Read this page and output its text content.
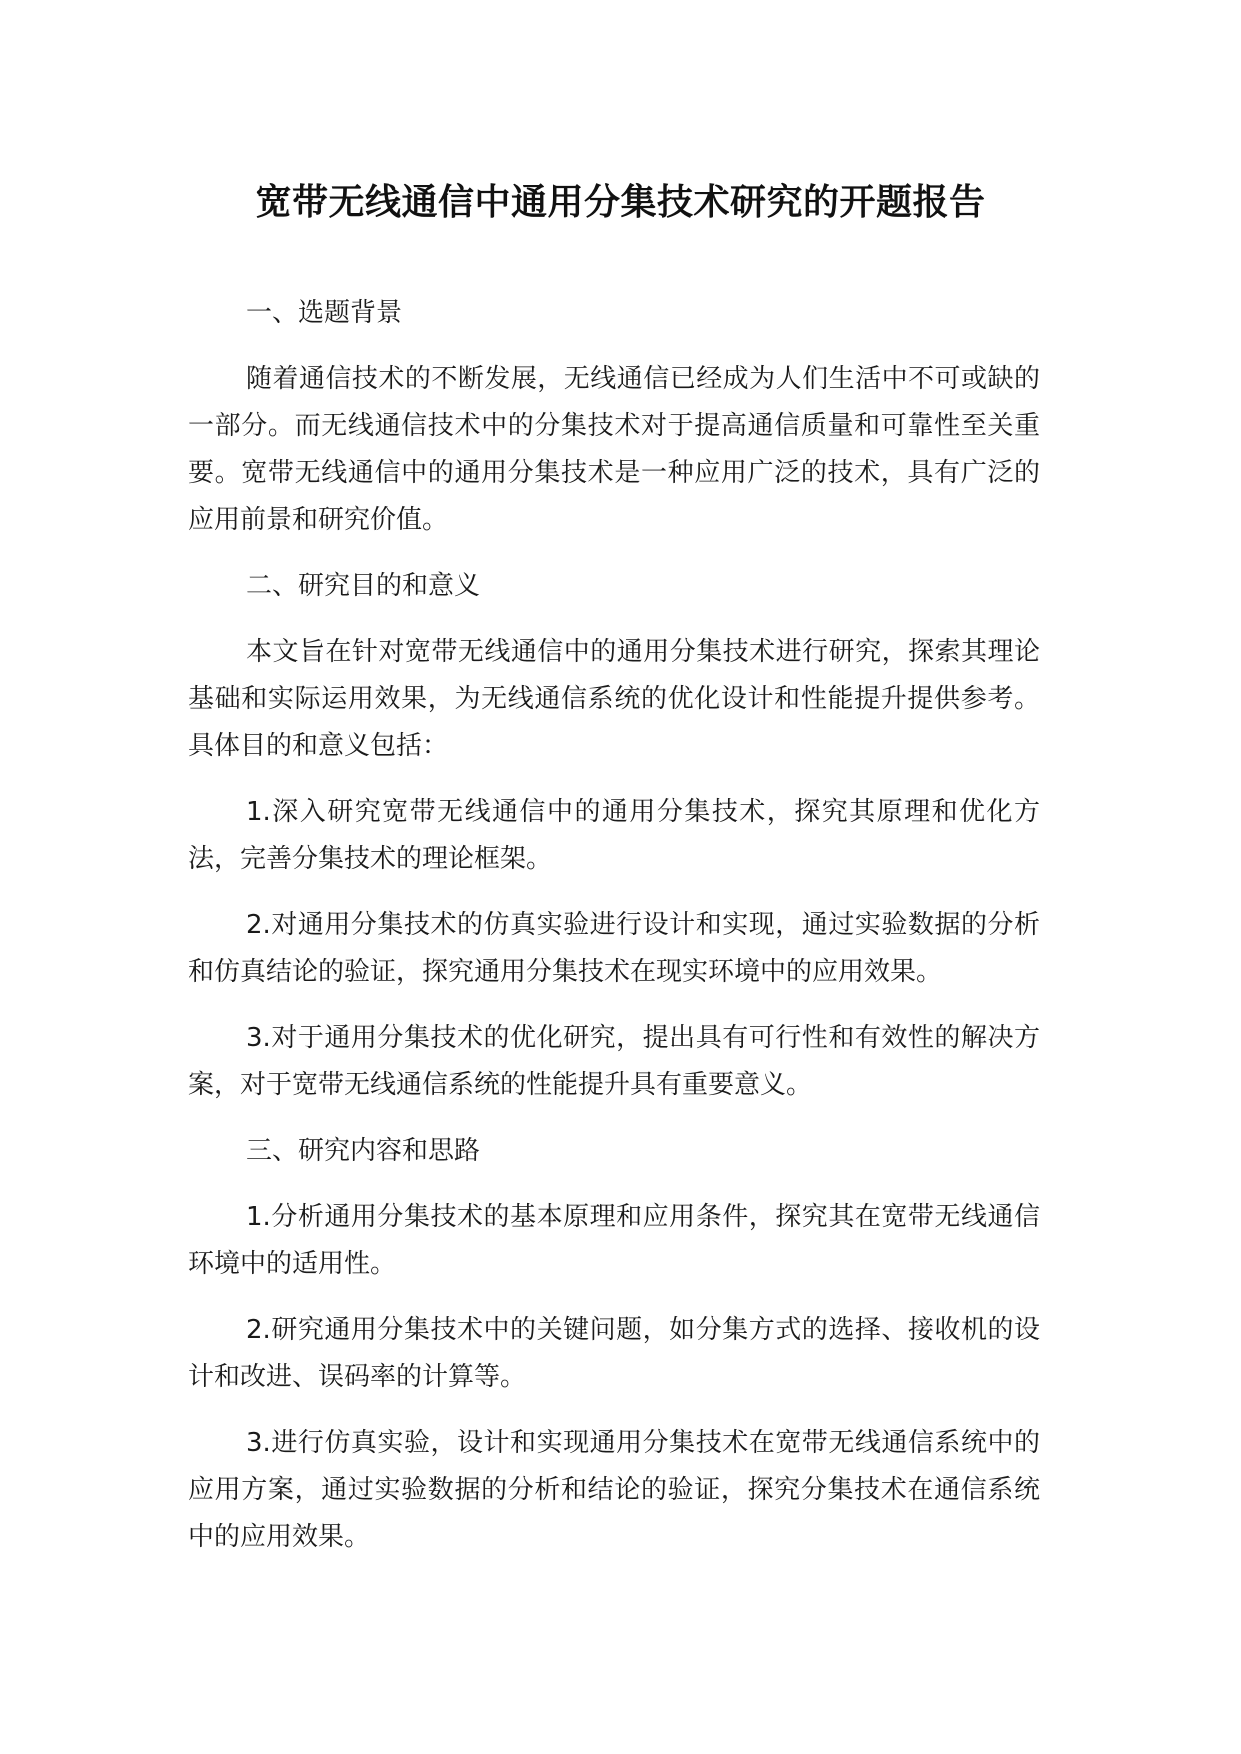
宽带无线通信中通用分集技术研究的开题报告
一、选题背景
随着通信技术的不断发展，无线通信已经成为人们生活中不可或缺的一部分。而无线通信技术中的分集技术对于提高通信质量和可靠性至关重要。宽带无线通信中的通用分集技术是一种应用广泛的技术，具有广泛的应用前景和研究价值。
二、研究目的和意义
本文旨在针对宽带无线通信中的通用分集技术进行研究，探索其理论基础和实际运用效果，为无线通信系统的优化设计和性能提升提供参考。具体目的和意义包括：
1.深入研究宽带无线通信中的通用分集技术，探究其原理和优化方法，完善分集技术的理论框架。
2.对通用分集技术的仿真实验进行设计和实现，通过实验数据的分析和仿真结论的验证，探究通用分集技术在现实环境中的应用效果。
3.对于通用分集技术的优化研究，提出具有可行性和有效性的解决方案，对于宽带无线通信系统的性能提升具有重要意义。
三、研究内容和思路
1.分析通用分集技术的基本原理和应用条件，探究其在宽带无线通信环境中的适用性。
2.研究通用分集技术中的关键问题，如分集方式的选择、接收机的设计和改进、误码率的计算等。
3.进行仿真实验，设计和实现通用分集技术在宽带无线通信系统中的应用方案，通过实验数据的分析和结论的验证，探究分集技术在通信系统中的应用效果。
